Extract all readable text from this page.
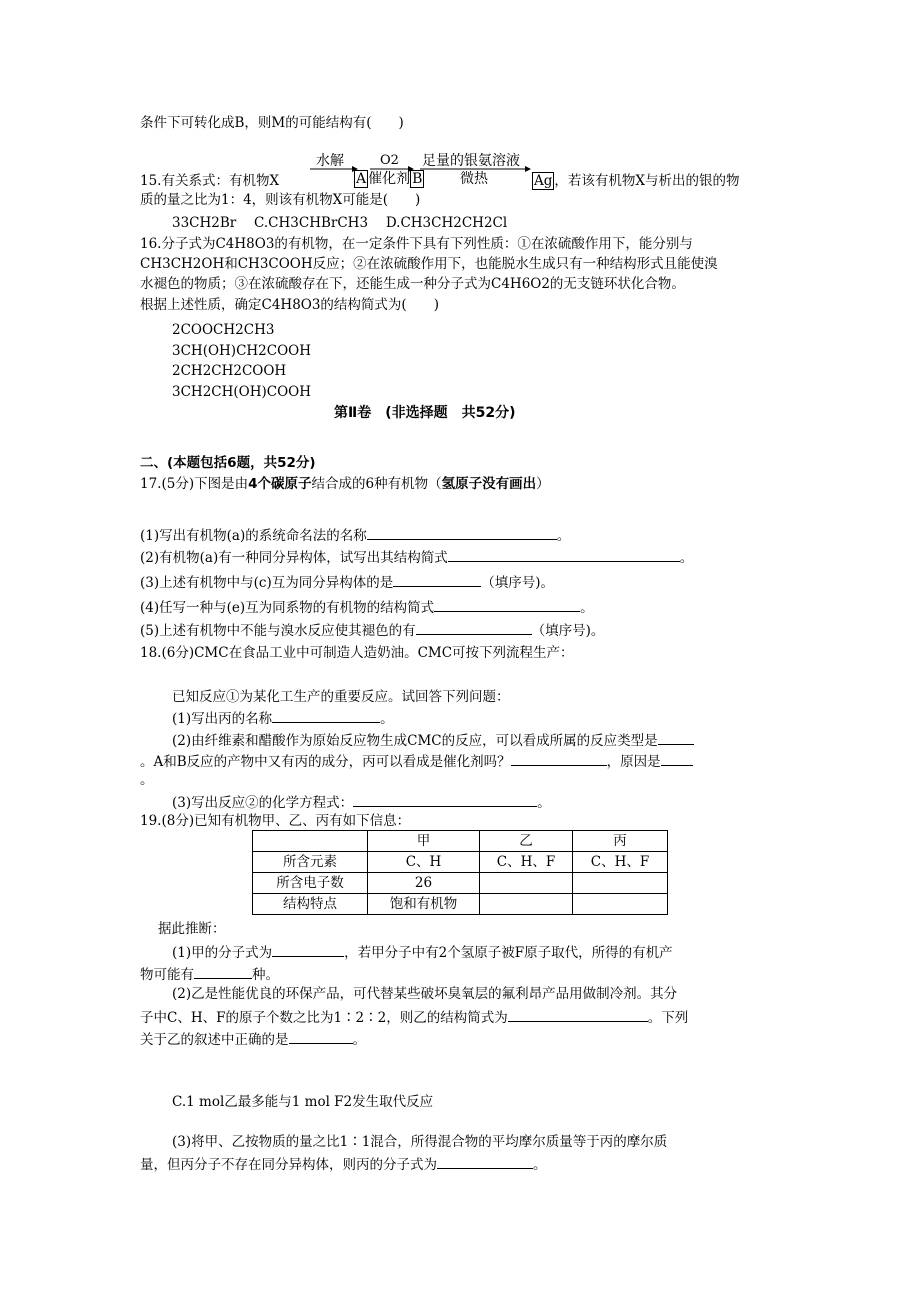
条件下可转化成B，则M的可能结构有(　　)
水解	O2 足量的银氨溶液
15.有关系式：有机物X	A 催化剂 B	微热	Ag ，若该有机物X与析出的银的物
质的量之比为1：4，则该有机物X可能是(　　)
33CH2Br　 C.CH3CHBrCH3　 D.CH3CH2CH2Cl
16.分子式为C4H8O3的有机物，在一定条件下具有下列性质：①在浓硫酸作用下，能分别与
CH3CH2OH和CH3COOH反应；②在浓硫酸作用下，也能脱水生成只有一种结构形式且能使溴
水褪色的物质；③在浓硫酸存在下，还能生成一种分子式为C4H6O2的无支链环状化合物。
根据上述性质，确定C4H8O3的结构简式为(　　)
2COOCH2CH3
3CH(OH)CH2COOH
2CH2CH2COOH
3CH2CH(OH)COOH
第Ⅱ卷　(非选择题　共52分)
二、(本题包括6题，共52分)
17.(5分)下图是由4个碳原子结合成的6种有机物（氢原子没有画出）
(1)写出有机物(a)的系统命名法的名称	。
(2)有机物(a)有一种同分异构体，试写出其结构简式	。
(3)上述有机物中与(c)互为同分异构体的是	（填序号)。
(4)任写一种与(e)互为同系物的有机物的结构简式	。
(5)上述有机物中不能与溴水反应使其褪色的有	（填序号)。
18.(6分)CMC在食品工业中可制造人造奶油。CMC可按下列流程生产：
已知反应①为某化工生产的重要反应。试回答下列问题：
(1)写出丙的名称	。
(2)由纤维素和醋酸作为原始反应物生成CMC的反应，可以看成所属的反应类型是
。A和B反应的产物中又有丙的成分，丙可以看成是催化剂吗？	，原因是
。
(3)写出反应②的化学方程式：	。
19.(8分)已知有机物甲、乙、丙有如下信息：
	甲	乙	丙
所含元素	C、H	C、H、F	C、H、F
所含电子数	26		
结构特点	饱和有机物		
据此推断：
(1)甲的分子式为	，若甲分子中有2个氢原子被F原子取代，所得的有机产
物可能有	种。
(2)乙是性能优良的环保产品，可代替某些破坏臭氧层的氟利昂产品用做制冷剂。其分
子中C、H、F的原子个数之比为1∶2∶2，则乙的结构简式为	。下列
关于乙的叙述中正确的是	。
C.1 mol乙最多能与1 mol F2发生取代反应
(3)将甲、乙按物质的量之比1∶1混合，所得混合物的平均摩尔质量等于丙的摩尔质
量，但丙分子不存在同分异构体，则丙的分子式为	。
